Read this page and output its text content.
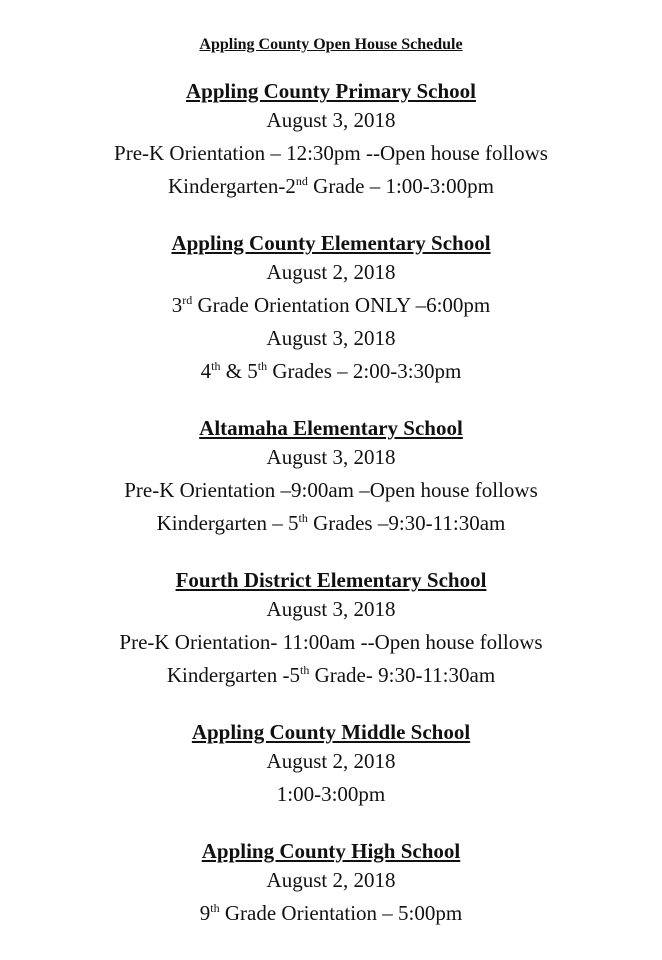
Appling County Open House Schedule
Appling County Primary School
August 3, 2018
Pre-K Orientation – 12:30pm --Open house follows
Kindergarten-2nd Grade – 1:00-3:00pm
Appling County Elementary School
August 2, 2018
3rd Grade Orientation ONLY –6:00pm
August 3, 2018
4th & 5th Grades – 2:00-3:30pm
Altamaha Elementary School
August 3, 2018
Pre-K Orientation –9:00am –Open house follows
Kindergarten – 5th Grades –9:30-11:30am
Fourth District Elementary School
August 3, 2018
Pre-K Orientation- 11:00am --Open house follows
Kindergarten -5th Grade- 9:30-11:30am
Appling County Middle School
August 2, 2018
1:00-3:00pm
Appling County High School
August 2, 2018
9th Grade Orientation – 5:00pm
